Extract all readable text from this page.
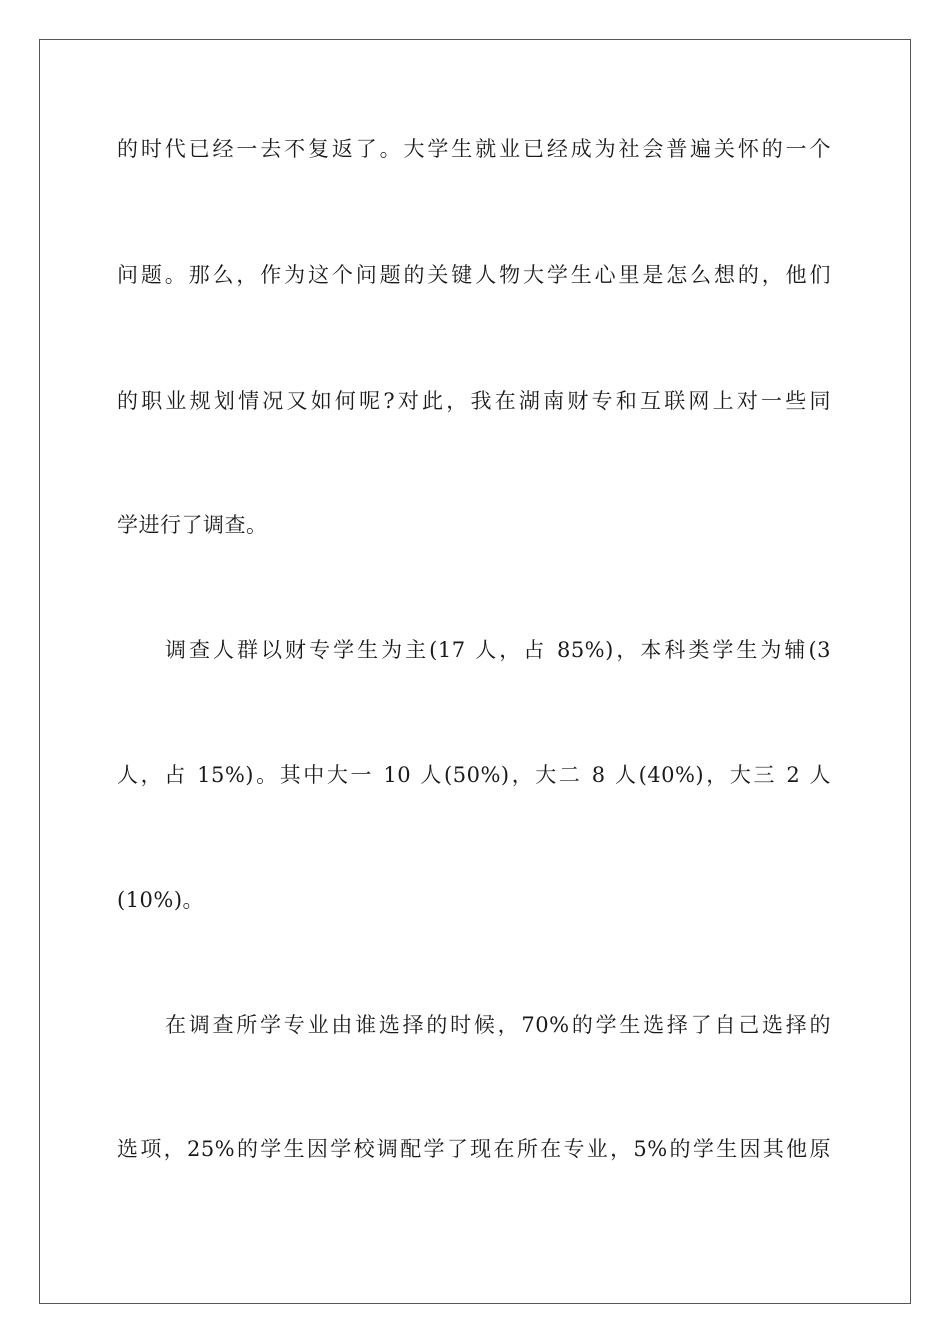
的时代已经一去不复返了。大学生就业已经成为社会普遍关怀的一个
问题。那么，作为这个问题的关键人物大学生心里是怎么想的，他们
的职业规划情况又如何呢?对此，我在湖南财专和互联网上对一些同
学进行了调查。
调查人群以财专学生为主(17 人，占 85%)，本科类学生为辅(3
人，占 15%)。其中大一 10 人(50%)，大二 8 人(40%)，大三 2 人
(10%)。
在调查所学专业由谁选择的时候，70%的学生选择了自己选择的
选项，25%的学生因学校调配学了现在所在专业，5%的学生因其他原
